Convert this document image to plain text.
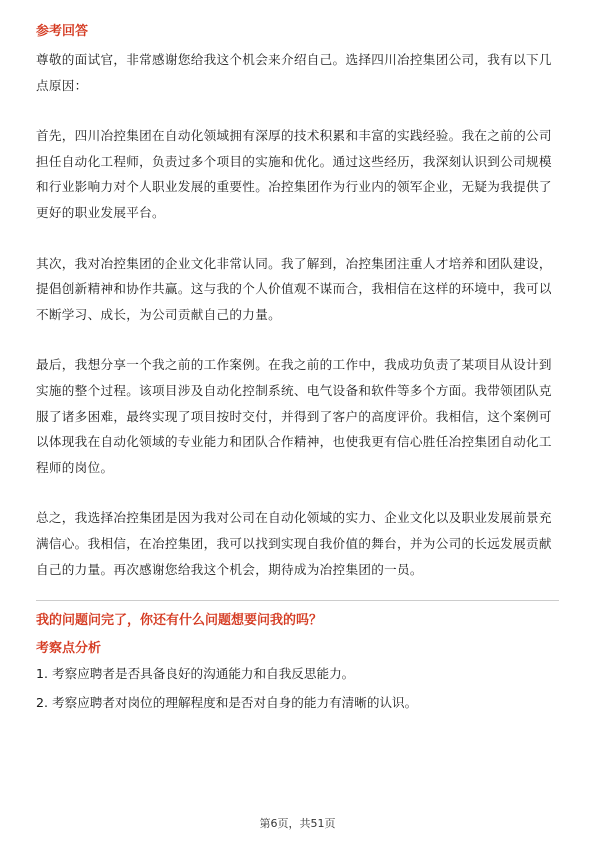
参考回答

尊敬的面试官，非常感谢您给我这个机会来介绍自己。选择四川冶控集团公司，我有以下几点原因：

首先，四川冶控集团在自动化领域拥有深厚的技术积累和丰富的实践经验。我在之前的公司担任自动化工程师，负责过多个项目的实施和优化。通过这些经历，我深刻认识到公司规模和行业影响力对个人职业发展的重要性。冶控集团作为行业内的领军企业，无疑为我提供了更好的职业发展平台。

其次，我对冶控集团的企业文化非常认同。我了解到，冶控集团注重人才培养和团队建设，提倡创新精神和协作共赢。这与我的个人价值观不谋而合，我相信在这样的环境中，我可以不断学习、成长，为公司贡献自己的力量。

最后，我想分享一个我之前的工作案例。在我之前的工作中，我成功负责了某项目从设计到实施的整个过程。该项目涉及自动化控制系统、电气设备和软件等多个方面。我带领团队克服了诸多困难，最终实现了项目按时交付，并得到了客户的高度评价。我相信，这个案例可以体现我在自动化领域的专业能力和团队合作精神，也使我更有信心胜任冶控集团自动化工程师的岗位。

总之，我选择冶控集团是因为我对公司在自动化领域的实力、企业文化以及职业发展前景充满信心。我相信，在冶控集团，我可以找到实现自我价值的舞台，并为公司的长远发展贡献自己的力量。再次感谢您给我这个机会，期待成为冶控集团的一员。

我的问题问完了，你还有什么问题想要问我的吗？

考察点分析

1. 考察应聘者是否具备良好的沟通能力和自我反思能力。

2. 考察应聘者对岗位的理解程度和是否对自身的能力有清晰的认识。

第6页，共51页
